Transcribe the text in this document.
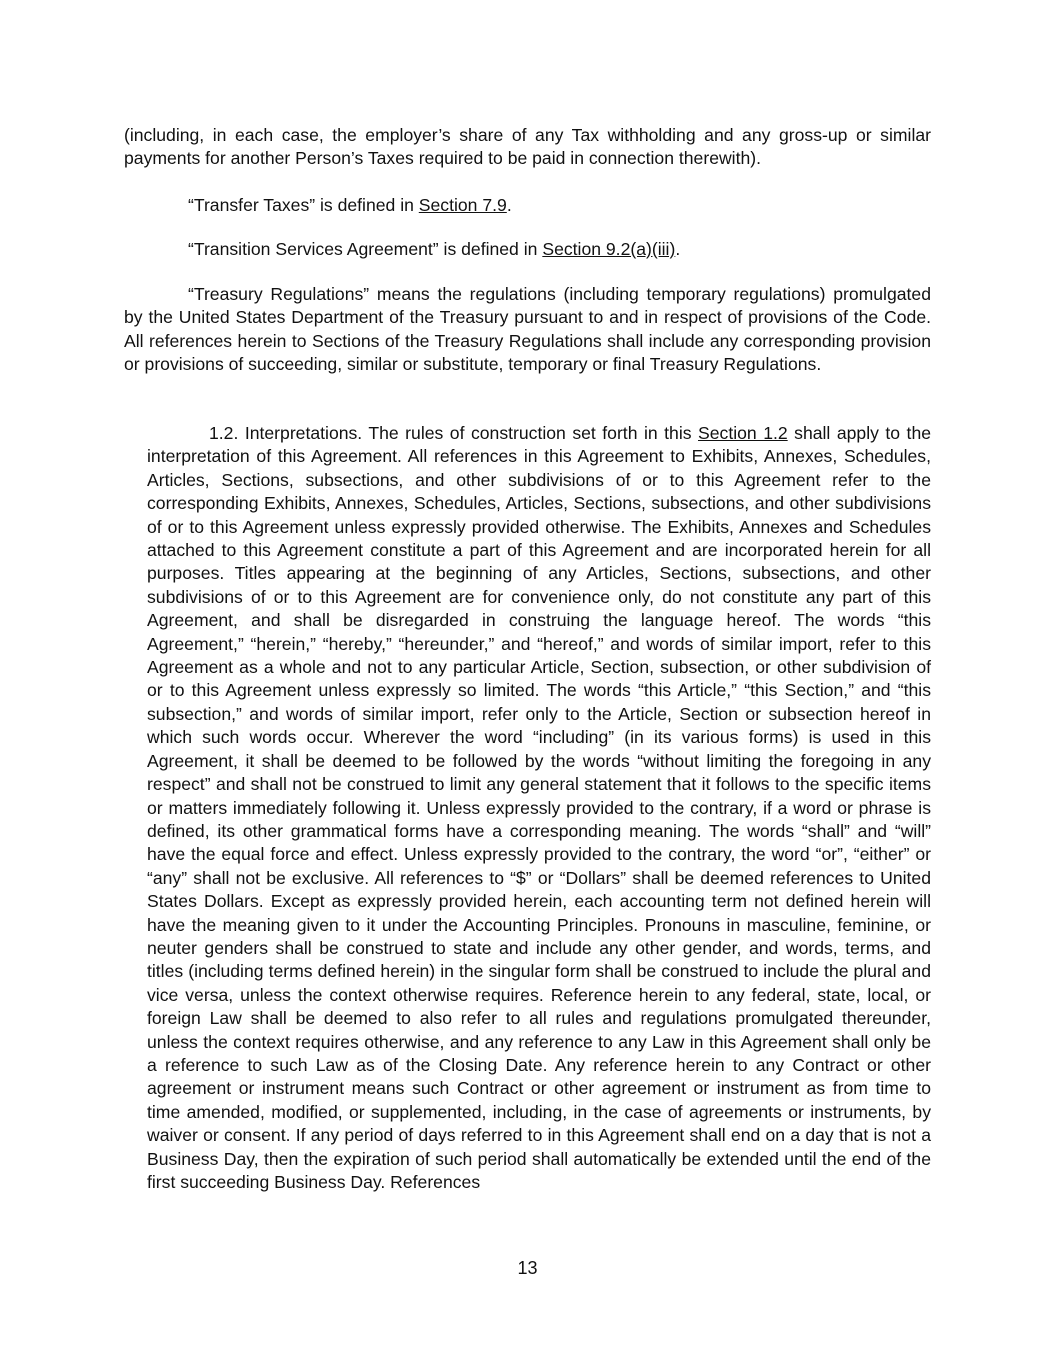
(including, in each case, the employer’s share of any Tax withholding and any gross-up or similar payments for another Person’s Taxes required to be paid in connection therewith).

“Transfer Taxes” is defined in Section 7.9.

“Transition Services Agreement” is defined in Section 9.2(a)(iii).

“Treasury Regulations” means the regulations (including temporary regulations) promulgated by the United States Department of the Treasury pursuant to and in respect of provisions of the Code. All references herein to Sections of the Treasury Regulations shall include any corresponding provision or provisions of succeeding, similar or substitute, temporary or final Treasury Regulations.

1.2. Interpretations. The rules of construction set forth in this Section 1.2 shall apply to the interpretation of this Agreement. All references in this Agreement to Exhibits, Annexes, Schedules, Articles, Sections, subsections, and other subdivisions of or to this Agreement refer to the corresponding Exhibits, Annexes, Schedules, Articles, Sections, subsections, and other subdivisions of or to this Agreement unless expressly provided otherwise. The Exhibits, Annexes and Schedules attached to this Agreement constitute a part of this Agreement and are incorporated herein for all purposes. Titles appearing at the beginning of any Articles, Sections, subsections, and other subdivisions of or to this Agreement are for convenience only, do not constitute any part of this Agreement, and shall be disregarded in construing the language hereof. The words “this Agreement,” “herein,” “hereby,” “hereunder,” and “hereof,” and words of similar import, refer to this Agreement as a whole and not to any particular Article, Section, subsection, or other subdivision of or to this Agreement unless expressly so limited. The words “this Article,” “this Section,” and “this subsection,” and words of similar import, refer only to the Article, Section or subsection hereof in which such words occur. Wherever the word “including” (in its various forms) is used in this Agreement, it shall be deemed to be followed by the words “without limiting the foregoing in any respect” and shall not be construed to limit any general statement that it follows to the specific items or matters immediately following it. Unless expressly provided to the contrary, if a word or phrase is defined, its other grammatical forms have a corresponding meaning. The words “shall” and “will” have the equal force and effect. Unless expressly provided to the contrary, the word “or”, “either” or “any” shall not be exclusive. All references to “$” or “Dollars” shall be deemed references to United States Dollars. Except as expressly provided herein, each accounting term not defined herein will have the meaning given to it under the Accounting Principles. Pronouns in masculine, feminine, or neuter genders shall be construed to state and include any other gender, and words, terms, and titles (including terms defined herein) in the singular form shall be construed to include the plural and vice versa, unless the context otherwise requires. Reference herein to any federal, state, local, or foreign Law shall be deemed to also refer to all rules and regulations promulgated thereunder, unless the context requires otherwise, and any reference to any Law in this Agreement shall only be a reference to such Law as of the Closing Date. Any reference herein to any Contract or other agreement or instrument means such Contract or other agreement or instrument as from time to time amended, modified, or supplemented, including, in the case of agreements or instruments, by waiver or consent. If any period of days referred to in this Agreement shall end on a day that is not a Business Day, then the expiration of such period shall automatically be extended until the end of the first succeeding Business Day. References

13
